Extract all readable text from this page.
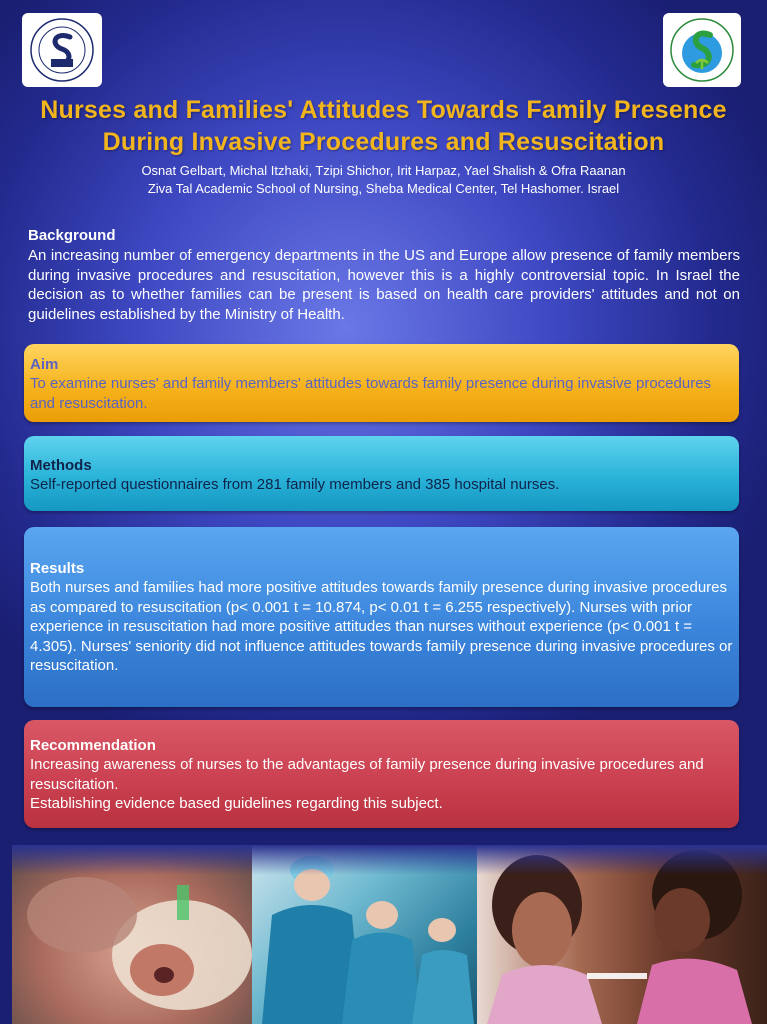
Nurses and Families' Attitudes Towards Family Presence
During Invasive Procedures and Resuscitation
Osnat Gelbart, Michal Itzhaki, Tzipi Shichor, Irit Harpaz, Yael Shalish & Ofra Raanan
Ziva Tal Academic School of Nursing, Sheba Medical Center, Tel Hashomer. Israel
Background
An increasing number of emergency departments in the US and Europe allow presence of family members during invasive procedures and resuscitation, however this is a highly controversial topic. In Israel the decision as to whether families can be present is based on health care providers' attitudes and not on guidelines established by the Ministry of Health.
Aim
To examine nurses' and family members' attitudes towards family presence during invasive procedures and resuscitation.
Methods
Self-reported questionnaires from 281 family members and 385 hospital nurses.
Results
Both nurses and families had more positive attitudes towards family presence during invasive procedures as compared to resuscitation (p< 0.001 t = 10.874, p< 0.01 t = 6.255 respectively). Nurses with prior experience in resuscitation had more positive attitudes than nurses without experience (p< 0.001 t = 4.305). Nurses' seniority did not influence attitudes towards family presence during invasive procedures or resuscitation.
Recommendation
Increasing awareness of nurses to the advantages of family presence during invasive procedures and resuscitation.
Establishing evidence based guidelines regarding this subject.
